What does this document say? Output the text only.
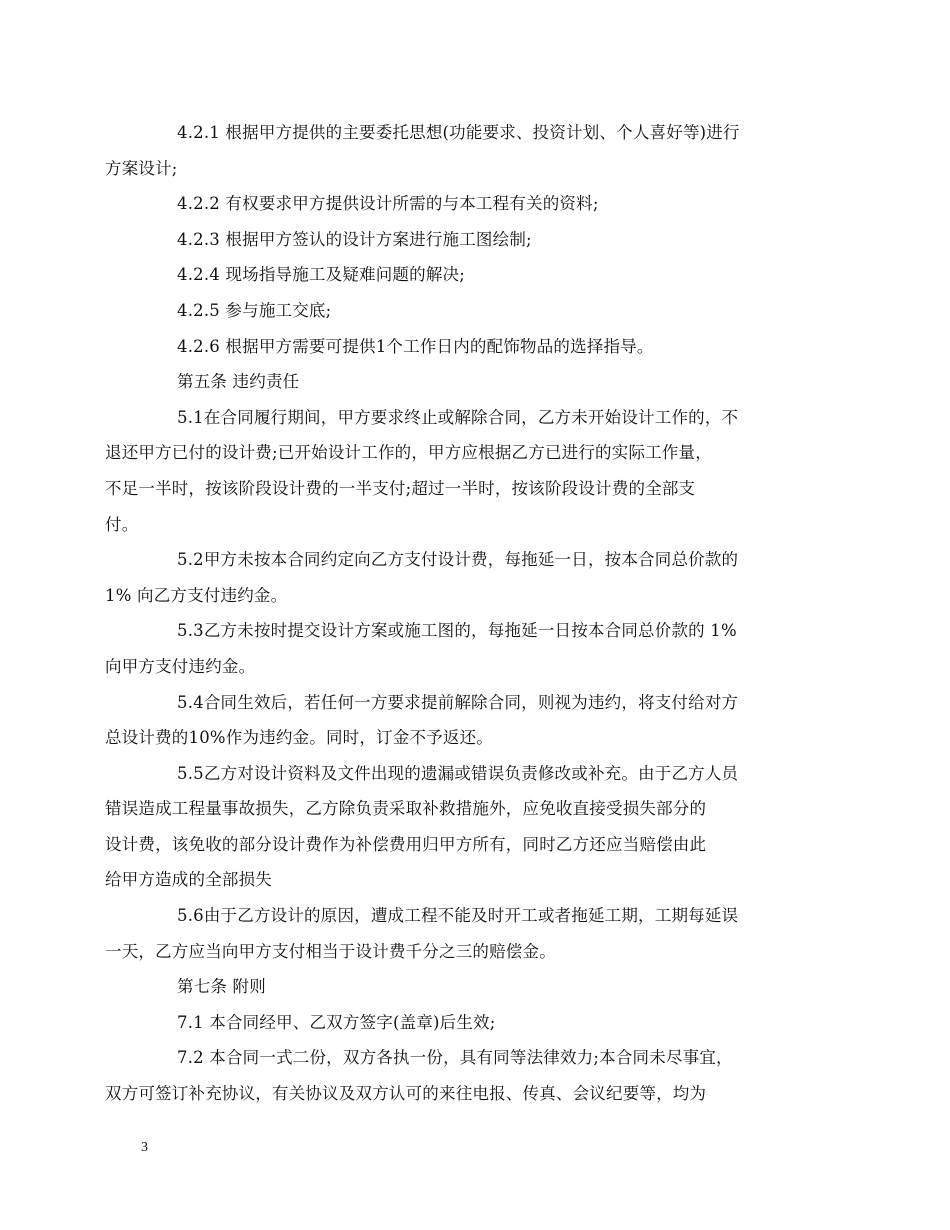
4.2.1 根据甲方提供的主要委托思想(功能要求、投资计划、个人喜好等)进行
方案设计;

4.2.2 有权要求甲方提供设计所需的与本工程有关的资料;

4.2.3 根据甲方签认的设计方案进行施工图绘制;

4.2.4 现场指导施工及疑难问题的解决;

4.2.5 参与施工交底;

4.2.6 根据甲方需要可提供1个工作日内的配饰物品的选择指导。

第五条 违约责任

5.1在合同履行期间，甲方要求终止或解除合同，乙方未开始设计工作的，不
退还甲方已付的设计费;已开始设计工作的，甲方应根据乙方已进行的实际工作量，
不足一半时，按该阶段设计费的一半支付;超过一半时，按该阶段设计费的全部支
付。

5.2甲方未按本合同约定向乙方支付设计费，每拖延一日，按本合同总价款的
1% 向乙方支付违约金。

5.3乙方未按时提交设计方案或施工图的，每拖延一日按本合同总价款的 1%
向甲方支付违约金。

5.4合同生效后，若任何一方要求提前解除合同，则视为违约，将支付给对方
总设计费的10%作为违约金。同时，订金不予返还。

5.5乙方对设计资料及文件出现的遗漏或错误负责修改或补充。由于乙方人员
错误造成工程量事故损失，乙方除负责采取补救措施外，应免收直接受损失部分的
设计费，该免收的部分设计费作为补偿费用归甲方所有，同时乙方还应当赔偿由此
给甲方造成的全部损失

5.6由于乙方设计的原因，遭成工程不能及时开工或者拖延工期，工期每延误
一天，乙方应当向甲方支付相当于设计费千分之三的赔偿金。

第七条 附则

7.1 本合同经甲、乙双方签字(盖章)后生效;

7.2 本合同一式二份，双方各执一份，具有同等法律效力;本合同未尽事宜，
双方可签订补充协议，有关协议及双方认可的来往电报、传真、会议纪要等，均为

3
